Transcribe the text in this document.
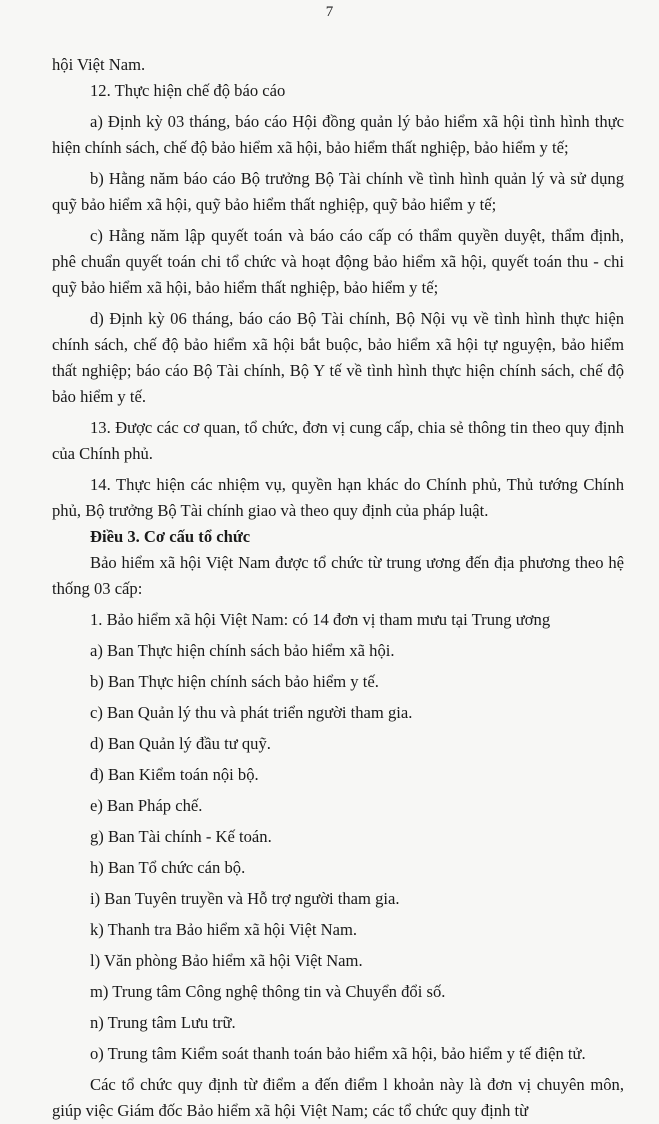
7

hội Việt Nam.

12. Thực hiện chế độ báo cáo

a) Định kỳ 03 tháng, báo cáo Hội đồng quản lý bảo hiểm xã hội tình hình thực hiện chính sách, chế độ bảo hiểm xã hội, bảo hiểm thất nghiệp, bảo hiểm y tế;

b) Hằng năm báo cáo Bộ trưởng Bộ Tài chính về tình hình quản lý và sử dụng quỹ bảo hiểm xã hội, quỹ bảo hiểm thất nghiệp, quỹ bảo hiểm y tế;

c) Hằng năm lập quyết toán và báo cáo cấp có thẩm quyền duyệt, thẩm định, phê chuẩn quyết toán chi tổ chức và hoạt động bảo hiểm xã hội, quyết toán thu - chi quỹ bảo hiểm xã hội, bảo hiểm thất nghiệp, bảo hiểm y tế;

d) Định kỳ 06 tháng, báo cáo Bộ Tài chính, Bộ Nội vụ về tình hình thực hiện chính sách, chế độ bảo hiểm xã hội bắt buộc, bảo hiểm xã hội tự nguyện, bảo hiểm thất nghiệp; báo cáo Bộ Tài chính, Bộ Y tế về tình hình thực hiện chính sách, chế độ bảo hiểm y tế.

13. Được các cơ quan, tổ chức, đơn vị cung cấp, chia sẻ thông tin theo quy định của Chính phủ.

14. Thực hiện các nhiệm vụ, quyền hạn khác do Chính phủ, Thủ tướng Chính phủ, Bộ trưởng Bộ Tài chính giao và theo quy định của pháp luật.

Điều 3. Cơ cấu tổ chức

Bảo hiểm xã hội Việt Nam được tổ chức từ trung ương đến địa phương theo hệ thống 03 cấp:

1. Bảo hiểm xã hội Việt Nam: có 14 đơn vị tham mưu tại Trung ương

a) Ban Thực hiện chính sách bảo hiểm xã hội.

b) Ban Thực hiện chính sách bảo hiểm y tế.

c) Ban Quản lý thu và phát triển người tham gia.

d) Ban Quản lý đầu tư quỹ.

đ) Ban Kiểm toán nội bộ.

e) Ban Pháp chế.

g) Ban Tài chính - Kế toán.

h) Ban Tổ chức cán bộ.

i) Ban Tuyên truyền và Hỗ trợ người tham gia.

k) Thanh tra Bảo hiểm xã hội Việt Nam.

l) Văn phòng Bảo hiểm xã hội Việt Nam.

m) Trung tâm Công nghệ thông tin và Chuyển đổi số.

n) Trung tâm Lưu trữ.

o) Trung tâm Kiểm soát thanh toán bảo hiểm xã hội, bảo hiểm y tế điện tử.

Các tổ chức quy định từ điểm a đến điểm l khoản này là đơn vị chuyên môn, giúp việc Giám đốc Bảo hiểm xã hội Việt Nam; các tổ chức quy định từ
